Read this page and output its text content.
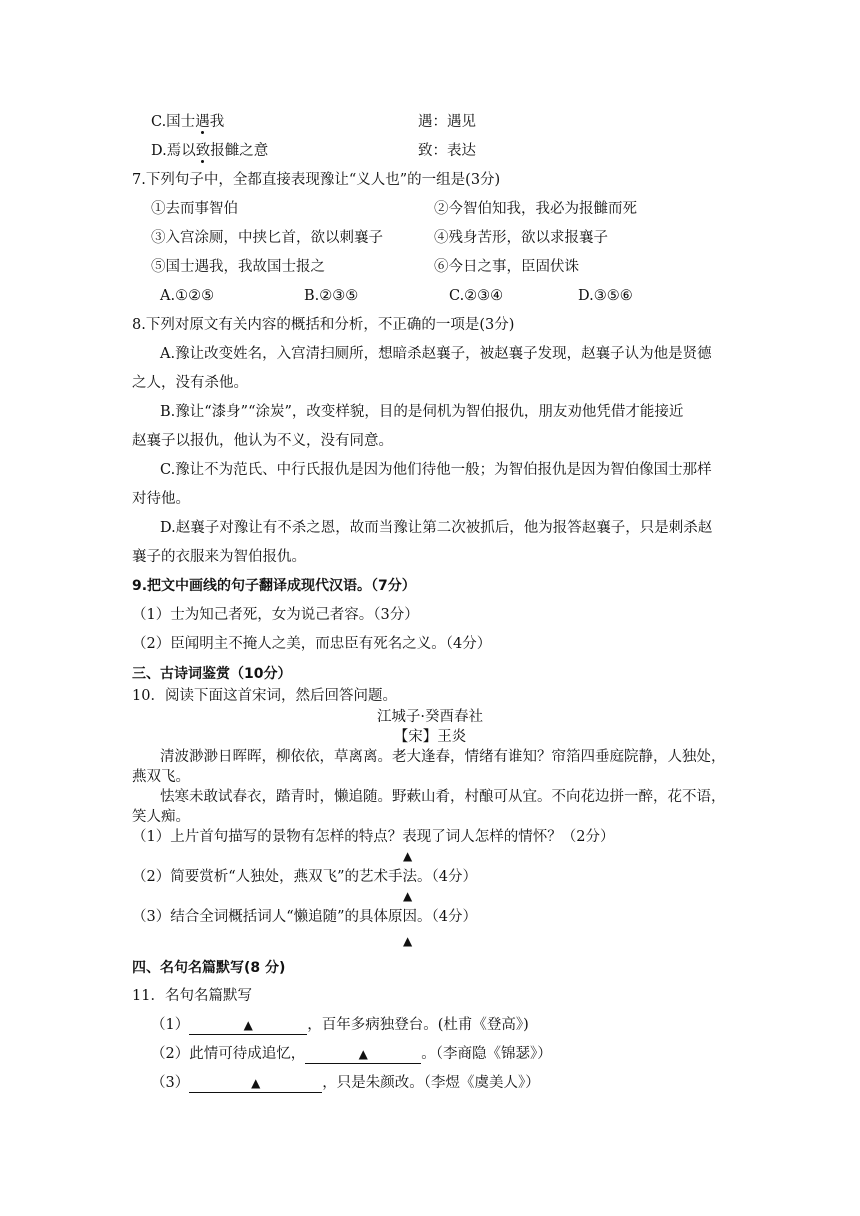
C.国士遇我	遇：遇见
D.焉以致报雠之意	致：表达
7.下列句子中，全都直接表现豫让“义人也”的一组是(3分)
①去而事智伯	②今智伯知我，我必为报雠而死
③入宫涂厕，中挟匕首，欲以刺襄子	④残身苦形，欲以求报襄子
⑤国士遇我，我故国士报之	⑥今日之事，臣固伏诛
A.①②⑤	B.②③⑤	C.②③④	D.③⑤⑥
8.下列对原文有关内容的概括和分析，不正确的一项是(3分)
A.豫让改变姓名，入宫清扫厕所，想暗杀赵襄子，被赵襄子发现，赵襄子认为他是贤德
之人，没有杀他。
B.豫让“漆身”“涂炭”，改变样貌，目的是伺机为智伯报仇，朋友劝他凭借才能接近
赵襄子以报仇，他认为不义，没有同意。
C.豫让不为范氏、中行氏报仇是因为他们待他一般；为智伯报仇是因为智伯像国士那样
对待他。
D.赵襄子对豫让有不杀之恩，故而当豫让第二次被抓后，他为报答赵襄子，只是刺杀赵
襄子的衣服来为智伯报仇。
9.把文中画线的句子翻译成现代汉语。（7分）
（1）士为知己者死，女为说己者容。（3分）
（2）臣闻明主不掩人之美，而忠臣有死名之义。（4分）
三、古诗词鉴赏（10分）
10．阅读下面这首宋词，然后回答问题。
江城子·癸酉春社
【宋】王炎
清波渺渺日晖晖，柳依依，草离离。老大逢春，情绪有谁知？帘箔四垂庭院静，人独处，
燕双飞。
怯寒未敢试春衣，踏青时，懒追随。野蔌山肴，村酿可从宜。不向花边拼一醉，花不语，
笑人痴。
（1）上片首句描写的景物有怎样的特点？表现了词人怎样的情怀？（2分）
▲
（2）简要赏析“人独处，燕双飞”的艺术手法。（4分）
▲
（3）结合全词概括词人“懒追随”的具体原因。（4分）
▲
四、名句名篇默写(8 分)
11．名句名篇默写
（1）	▲	，百年多病独登台。(杜甫《登高》)
（2）此情可待成追忆，	▲	。（李商隐《锦瑟》）
（3）	▲	，只是朱颜改。（李煜《虞美人》）
